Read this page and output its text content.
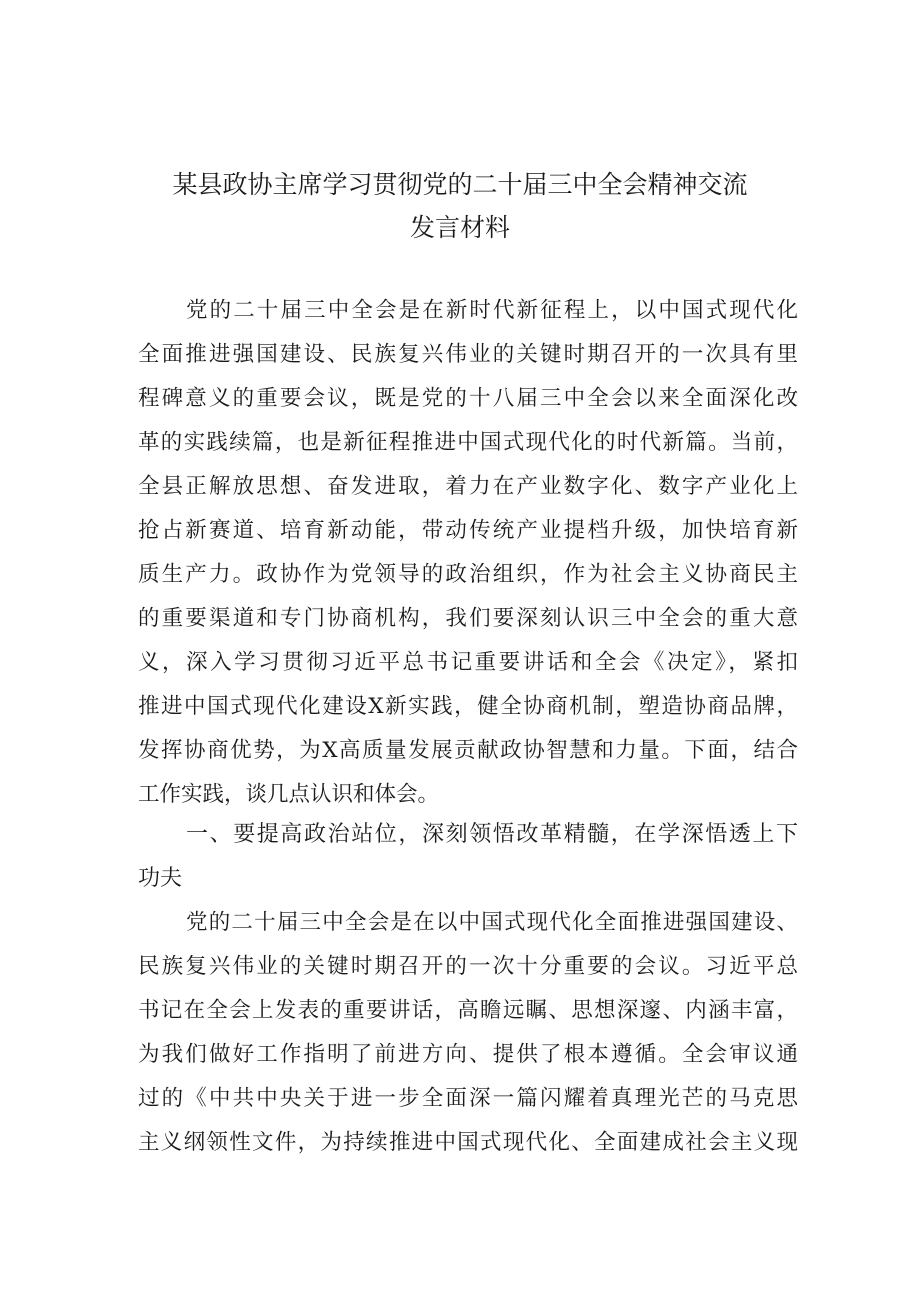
某县政协主席学习贯彻党的二十届三中全会精神交流
发言材料
党的二十届三中全会是在新时代新征程上，以中国式现代化
全面推进强国建设、民族复兴伟业的关键时期召开的一次具有里
程碑意义的重要会议，既是党的十八届三中全会以来全面深化改
革的实践续篇，也是新征程推进中国式现代化的时代新篇。当前，
全县正解放思想、奋发进取，着力在产业数字化、数字产业化上
抢占新赛道、培育新动能，带动传统产业提档升级，加快培育新
质生产力。政协作为党领导的政治组织，作为社会主义协商民主
的重要渠道和专门协商机构，我们要深刻认识三中全会的重大意
义，深入学习贯彻习近平总书记重要讲话和全会《决定》，紧扣
推进中国式现代化建设X新实践，健全协商机制，塑造协商品牌，
发挥协商优势，为X高质量发展贡献政协智慧和力量。下面，结合
工作实践，谈几点认识和体会。
一、要提高政治站位，深刻领悟改革精髓，在学深悟透上下
功夫
党的二十届三中全会是在以中国式现代化全面推进强国建设、
民族复兴伟业的关键时期召开的一次十分重要的会议。习近平总
书记在全会上发表的重要讲话，高瞻远瞩、思想深邃、内涵丰富，
为我们做好工作指明了前进方向、提供了根本遵循。全会审议通
过的《中共中央关于进一步全面深一篇闪耀着真理光芒的马克思
主义纲领性文件，为持续推进中国式现代化、全面建成社会主义现
